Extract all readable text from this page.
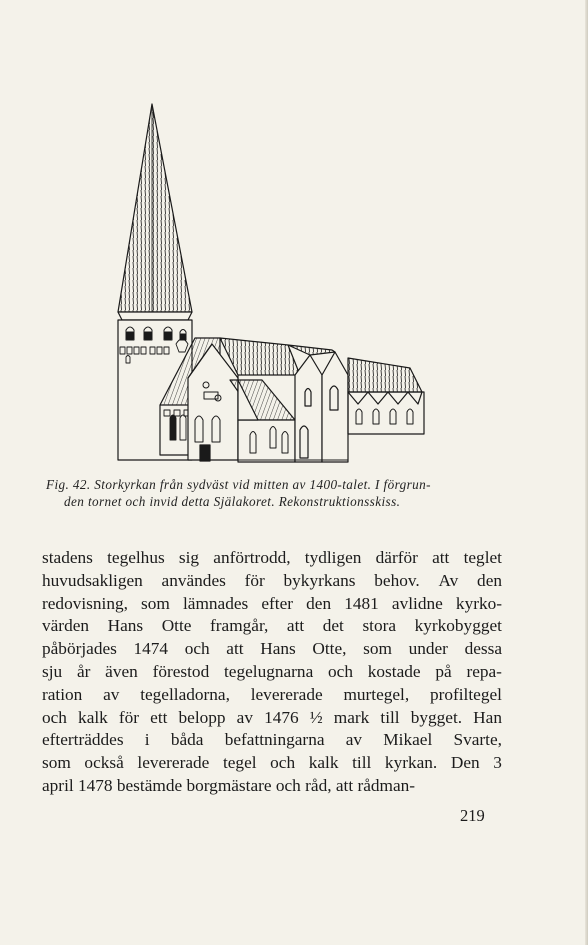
Fig. 42. Storkyrkan från sydväst vid mitten av 1400-talet. I förgrun-
den tornet och invid detta Själakoret. Rekonstruktionsskiss.
stadens tegelhus sig anförtrodd, tydligen därför att teglet
huvudsakligen användes för bykyrkans behov. Av den
redovisning, som lämnades efter den 1481 avlidne kyrko-
värden Hans Otte framgår, att det stora kyrkobygget
påbörjades 1474 och att Hans Otte, som under dessa
sju år även förestod tegelugnarna och kostade på repa-
ration av tegelladorna, levererade murtegel, profiltegel
och kalk för ett belopp av 1476 ½ mark till bygget. Han
efterträddes i båda befattningarna av Mikael Svarte,
som också levererade tegel och kalk till kyrkan. Den 3
april 1478 bestämde borgmästare och råd, att rådman-
219
